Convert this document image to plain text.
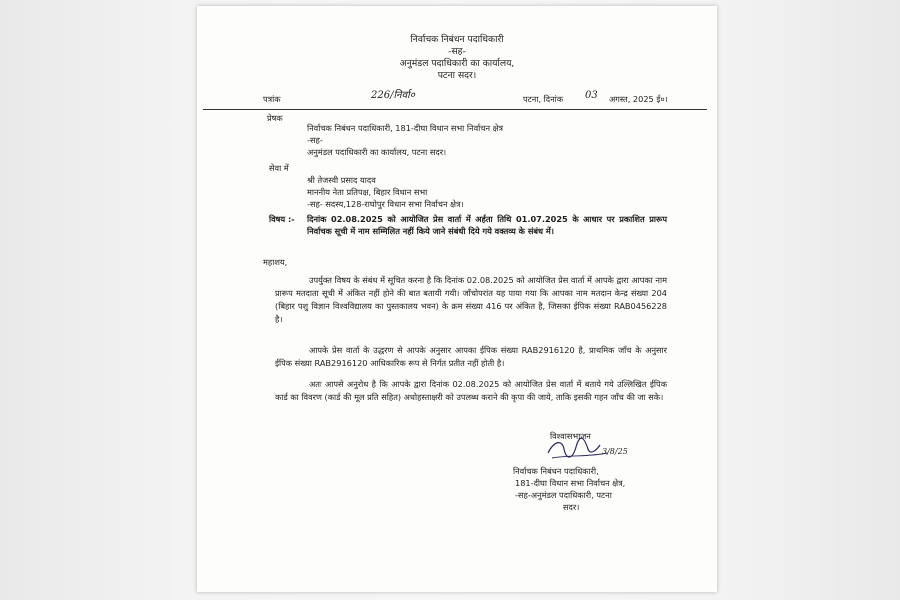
निर्वाचक निबंधन पदाधिकारी
-सह-
अनुमंडल पदाधिकारी का कार्यालय,
पटना सदर।
पत्रांक	226/निर्वा०	पटना, दिनांक 03 अगस्त, 2025 ई०।
प्रेषक
निर्वाचक निबंधन पदाधिकारी, 181-दीघा विधान सभा निर्वाचन क्षेत्र
-सह-
अनुमंडल पदाधिकारी का कार्यालय, पटना सदर।
सेवा में
श्री तेजस्वी प्रसाद यादव
माननीय नेता प्रतिपक्ष, बिहार विधान सभा
-सह- सदस्य,128-राघोपुर विधान सभा निर्वाचन क्षेत्र।
विषय :- दिनांक 02.08.2025 को आयोजित प्रेस वार्ता में अर्हता तिथि 01.07.2025 के आधार पर प्रकाशित प्रारूप निर्वाचक सूची में नाम सम्मिलित नहीं किये जाने संबंधी दिये गये वक्तव्य के संबंध में।
महाशय,
उपर्युक्त विषय के संबंध में सूचित करना है कि दिनांक 02.08.2025 को आयोजित प्रेस वार्ता में आपके द्वारा आपका नाम प्रारूप मतदाता सूची में अंकित नहीं होने की बात बतायी गयी। जाँचोपरांत यह पाया गया कि आपका नाम मतदान केन्द्र संख्या 204 (बिहार पशु विज्ञान विश्वविद्यालय का पुस्तकालय भवन) के क्रम संख्या 416 पर अंकित है, जिसका ईपिक संख्या RAB0456228 है।
आपके प्रेस वार्ता के उद्धरण से आपके अनुसार आपका ईपिक संख्या RAB2916120 है, प्राथमिक जाँच के अनुसार ईपिक संख्या RAB2916120 आधिकारिक रूप से निर्गत प्रतीत नहीं होती है।
अतः आपसे अनुरोध है कि आपके द्वारा दिनांक 02.08.2025 को आयोजित प्रेस वार्ता में बताये गये उल्लिखित ईपिक कार्ड का विवरण (कार्ड की मूल प्रति सहित) अधोहस्ताक्षरी को उपलब्ध कराने की कृपा की जाये, ताकि इसकी गहन जाँच की जा सके।
विश्वासभाजन
3/8/25
निर्वाचक निबंधन पदाधिकारी,
181-दीघा विधान सभा निर्वाचन क्षेत्र,
-सह-अनुमंडल पदाधिकारी, पटना
सदर।
